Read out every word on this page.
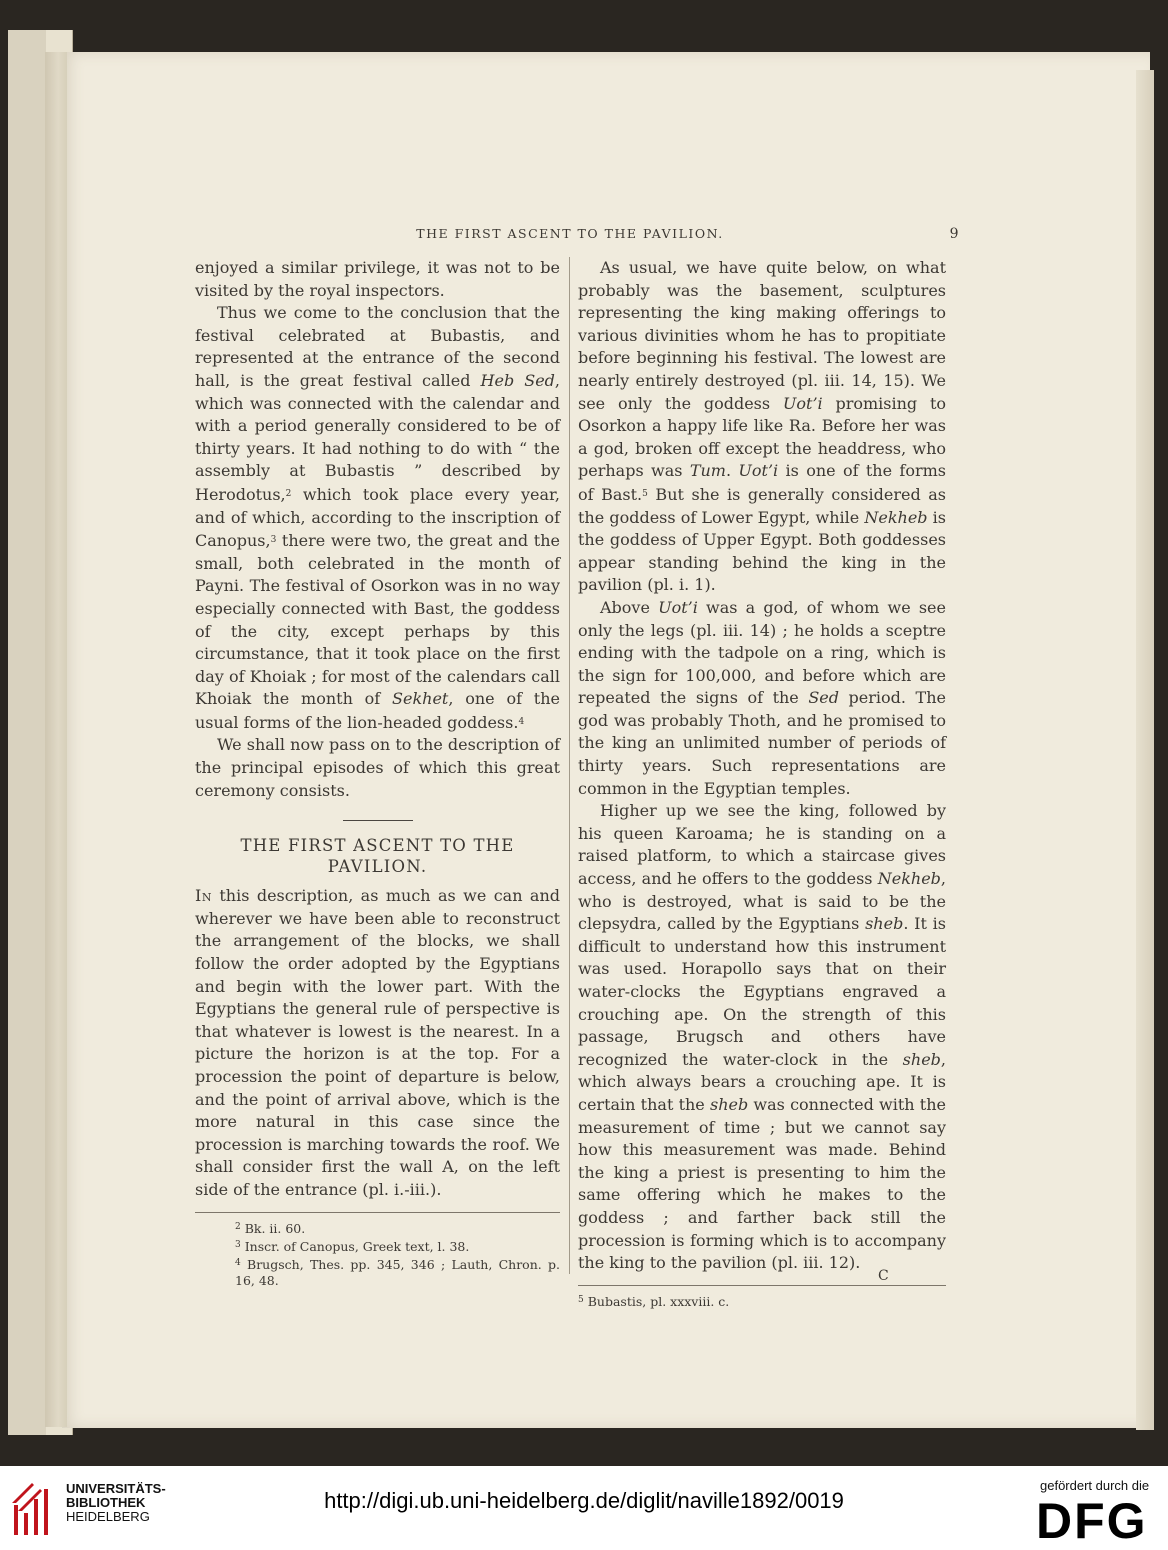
THE FIRST ASCENT TO THE PAVILION.	9

enjoyed a similar privilege, it was not to be visited by the royal inspectors.

Thus we come to the conclusion that the festival celebrated at Bubastis, and represented at the entrance of the second hall, is the great festival called Heb Sed, which was connected with the calendar and with a period generally considered to be of thirty years. It had nothing to do with “ the assembly at Bubastis ” described by Herodotus,$^2$ which took place every year, and of which, according to the inscription of Canopus,$^3$ there were two, the great and the small, both celebrated in the month of Payni. The festival of Osorkon was in no way especially connected with Bast, the goddess of the city, except perhaps by this circumstance, that it took place on the first day of Khoiak ; for most of the calendars call Khoiak the month of Sekhet, one of the usual forms of the lion-headed goddess.$^4$

We shall now pass on to the description of the principal episodes of which this great ceremony consists.

THE FIRST ASCENT TO THE
PAVILION.

In this description, as much as we can and wherever we have been able to reconstruct the arrangement of the blocks, we shall follow the order adopted by the Egyptians and begin with the lower part. With the Egyptians the general rule of perspective is that whatever is lowest is the nearest. In a picture the horizon is at the top. For a procession the point of departure is below, and the point of arrival above, which is the more natural in this case since the procession is marching towards the roof. We shall consider first the wall A, on the left side of the entrance (pl. i.-iii.).

$^2$ Bk. ii. 60.

$^3$ Inscr. of Canopus, Greek text, l. 38.

$^4$ Brugsch, Thes. pp. 345, 346 ; Lauth, Chron. p. 16, 48.

As usual, we have quite below, on what probably was the basement, sculptures representing the king making offerings to various divinities whom he has to propitiate before beginning his festival. The lowest are nearly entirely destroyed (pl. iii. 14, 15). We see only the goddess Uot’i promising to Osorkon a happy life like Ra. Before her was a god, broken off except the headdress, who perhaps was Tum. Uot’i is one of the forms of Bast.$^5$ But she is generally considered as the goddess of Lower Egypt, while Nekheb is the goddess of Upper Egypt. Both goddesses appear standing behind the king in the pavilion (pl. i. 1).

Above Uot’i was a god, of whom we see only the legs (pl. iii. 14) ; he holds a sceptre ending with the tadpole on a ring, which is the sign for 100,000, and before which are repeated the signs of the Sed period. The god was probably Thoth, and he promised to the king an unlimited number of periods of thirty years. Such representations are common in the Egyptian temples.

Higher up we see the king, followed by his queen Karoama; he is standing on a raised platform, to which a staircase gives access, and he offers to the goddess Nekheb, who is destroyed, what is said to be the clepsydra, called by the Egyptians sheb. It is difficult to understand how this instrument was used. Horapollo says that on their water-clocks the Egyptians engraved a crouching ape. On the strength of this passage, Brugsch and others have recognized the water-clock in the sheb, which always bears a crouching ape. It is certain that the sheb was connected with the measurement of time ; but we cannot say how this measurement was made. Behind the king a priest is presenting to him the same offering which he makes to the goddess ; and farther back still the procession is forming which is to accompany the king to the pavilion (pl. iii. 12).

$^5$ Bubastis, pl. xxxviii. c.

C
UNIVERSITÄTS-
BIBLIOTHEK
HEIDELBERG
http://digi.ub.uni-heidelberg.de/diglit/naville1892/0019
gefördert durch die
DFG
